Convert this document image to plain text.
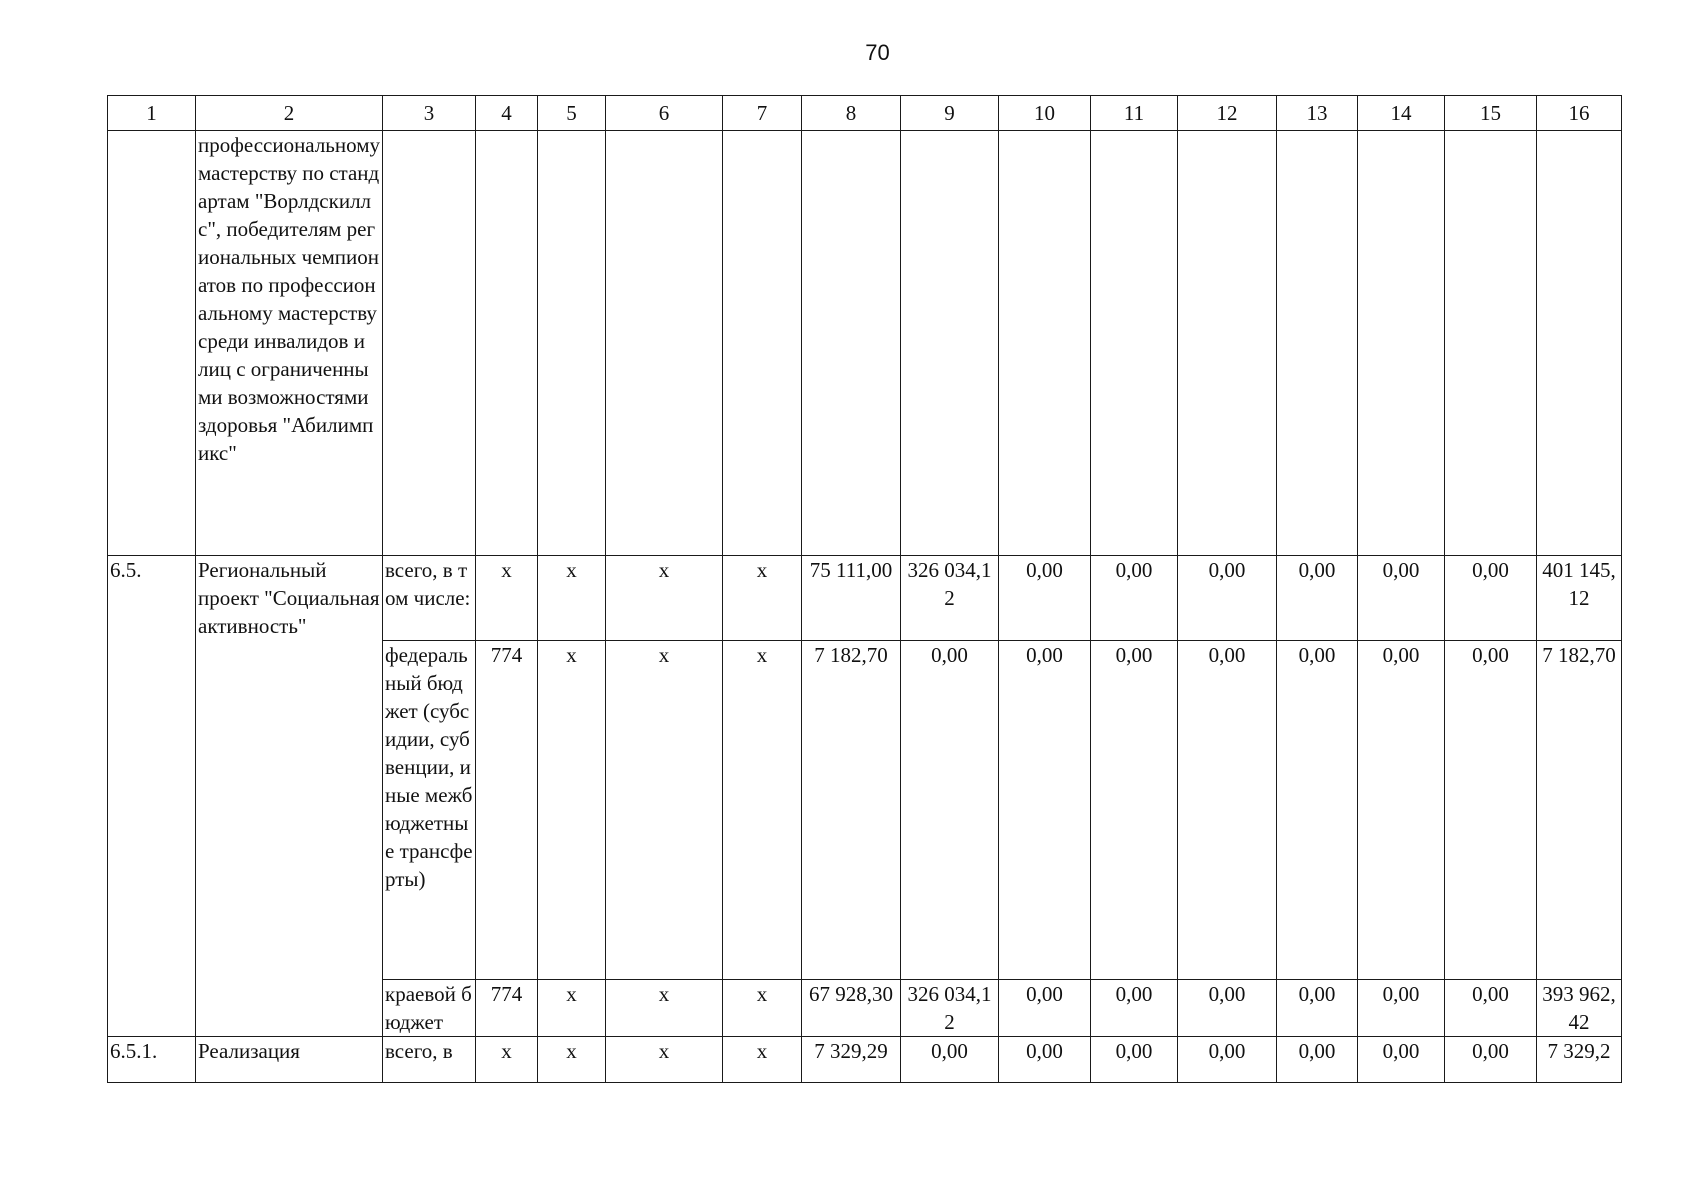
70
1	2	3	4	5	6	7	8	9	10	11	12	13	14	15	16
	профессиональному мастерству по стандартам "Ворлдскиллс", победителям региональных чемпионатов по профессиональному мастерству среди инвалидов и лиц с ограниченными возможностями здоровья "Абилимпикс"														
6.5.	Региональный проект "Социальная активность"	всего, в том числе:	х	х	х	х	75 111,00	326 034,12	0,00	0,00	0,00	0,00	0,00	0,00	401 145,12
		федеральный бюджет (субсидии, субвенции, иные межбюджетные трансферты)	774	х	х	х	7 182,70	0,00	0,00	0,00	0,00	0,00	0,00	0,00	7 182,70
		краевой бюджет	774	х	х	х	67 928,30	326 034,12	0,00	0,00	0,00	0,00	0,00	0,00	393 962,42
6.5.1.	Реализация	всего, в	х	х	х	х	7 329,29	0,00	0,00	0,00	0,00	0,00	0,00	0,00	7 329,2
